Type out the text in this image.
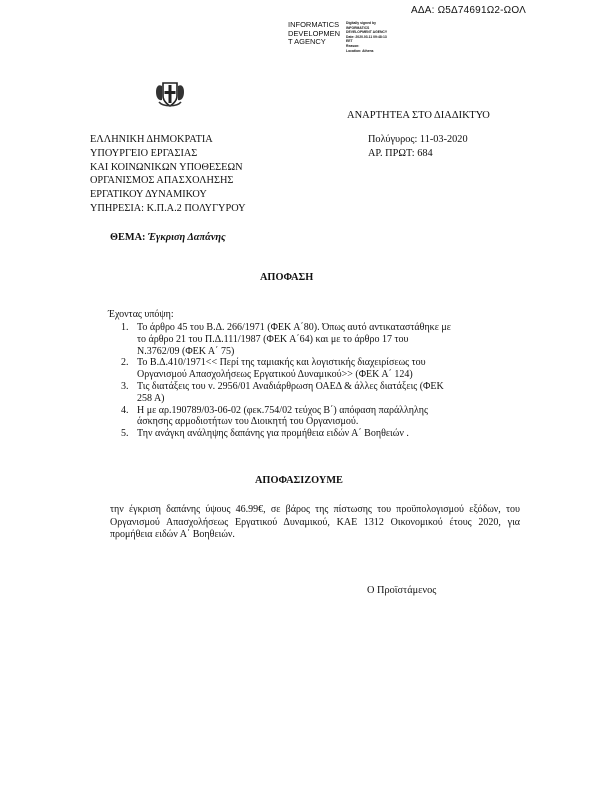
ΑΔΑ: Ω5Δ74691Ω2-ΩΟΛ
INFORMATICS
DEVELOPMEN
T AGENCY
Digitally signed by
INFORMATICS
DEVELOPMENT AGENCY
Date: 2020.03.11 09:48:13
EET
Reason:
Location: Athens
ΑΝΑΡΤΗΤΕΑ ΣΤΟ ΔΙΑΔΙΚΤΥΟ
ΕΛΛΗΝΙΚΗ ΔΗΜΟΚΡΑΤΙΑ
ΥΠΟΥΡΓΕΙΟ ΕΡΓΑΣΙΑΣ
ΚΑΙ ΚΟΙΝΩΝΙΚΩΝ ΥΠΟΘΕΣΕΩΝ
ΟΡΓΑΝΙΣΜΟΣ ΑΠΑΣΧΟΛΗΣΗΣ
ΕΡΓΑΤΙΚΟΥ ΔΥΝΑΜΙΚΟΥ
ΥΠΗΡΕΣΙΑ: Κ.Π.Α.2 ΠΟΛΥΓΥΡΟΥ
Πολύγυρος: 11-03-2020
ΑΡ. ΠΡΩΤ: 684
ΘΕΜΑ: Έγκριση Δαπάνης
ΑΠΟΦΑΣΗ
Έχοντας υπόψη:
1. Το άρθρο 45 του Β.Δ. 266/1971 (ΦΕΚ Α΄80). Όπως αυτό αντικαταστάθηκε με
το άρθρο 21 του Π.Δ.111/1987 (ΦΕΚ Α΄64) και με το άρθρο 17 του
Ν.3762/09 (ΦΕΚ Α΄ 75)
2. Το Β.Δ.410/1971<< Περί της ταμιακής και λογιστικής διαχειρίσεως του
Οργανισμού Απασχολήσεως Εργατικού Δυναμικού>> (ΦΕΚ Α΄ 124)
3. Τις διατάξεις του ν. 2956/01 Αναδιάρθρωση ΟΑΕΔ & άλλες διατάξεις (ΦΕΚ
258 Α)
4. Η με αρ.190789/03-06-02 (φεκ.754/02 τεύχος Β΄) απόφαση παράλληλης
άσκησης αρμοδιοτήτων του Διοικητή του Οργανισμού.
5. Την ανάγκη ανάληψης δαπάνης για προμήθεια ειδών Α΄ Βοηθειών .
ΑΠΟΦΑΣΙΖΟΥΜΕ
την έγκριση δαπάνης ύψους 46.99€, σε βάρος της πίστωσης του προϋπολογισμού εξόδων, του Οργανισμού Απασχολήσεως Εργατικού Δυναμικού, ΚΑΕ 1312 Οικονομικού έτους 2020, για προμήθεια ειδών Α΄ Βοηθειών.
Ο Προϊστάμενος
